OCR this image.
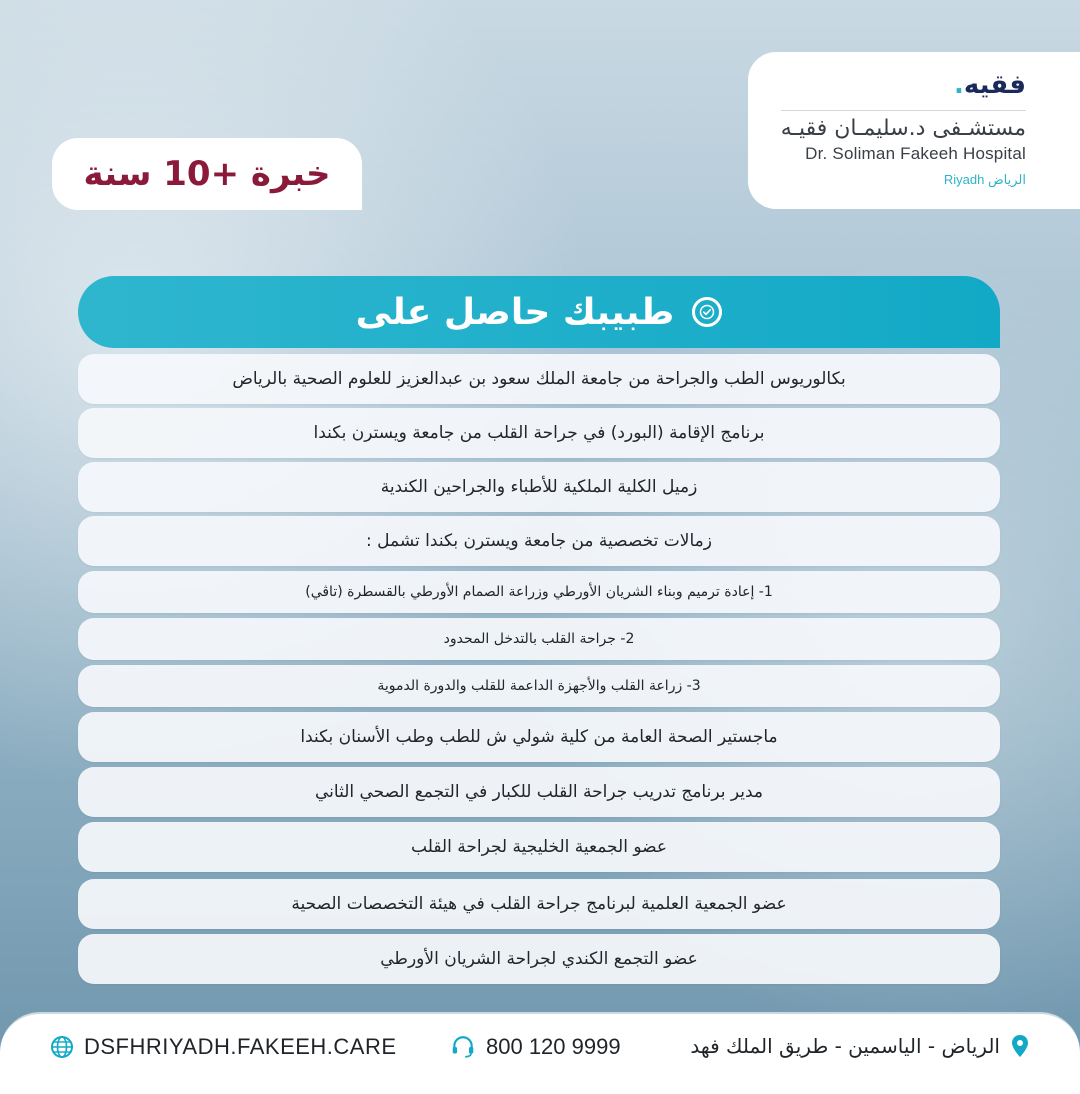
فقيه.
مستشـفى د.سليمـان فقيـه
Dr. Soliman Fakeeh Hospital
Riyadh الرياض
خبرة +10 سنة
طبيبك حاصل على
بكالوريوس الطب والجراحة من جامعة الملك سعود بن عبدالعزيز للعلوم الصحية بالرياض
برنامج الإقامة (البورد) في جراحة القلب من جامعة ويسترن بكندا
زميل الكلية الملكية للأطباء والجراحين الكندية
زمالات تخصصية من جامعة ويسترن بكندا تشمل :
1- إعادة ترميم وبناء الشريان الأورطي وزراعة الصمام الأورطي بالقسطرة (تاڤي)
2- جراحة القلب بالتدخل المحدود
3- زراعة القلب والأجهزة الداعمة للقلب والدورة الدموية
ماجستير الصحة العامة من كلية شولي ش للطب وطب الأسنان بكندا
مدير برنامج تدريب جراحة القلب للكبار في التجمع الصحي الثاني
عضو الجمعية الخليجية لجراحة القلب
عضو الجمعية العلمية لبرنامج جراحة القلب في هيئة التخصصات الصحية
عضو التجمع الكندي لجراحة الشريان الأورطي
DSFHRIYADH.FAKEEH.CARE	800 120 9999	الرياض - الياسمين - طريق الملك فهد
